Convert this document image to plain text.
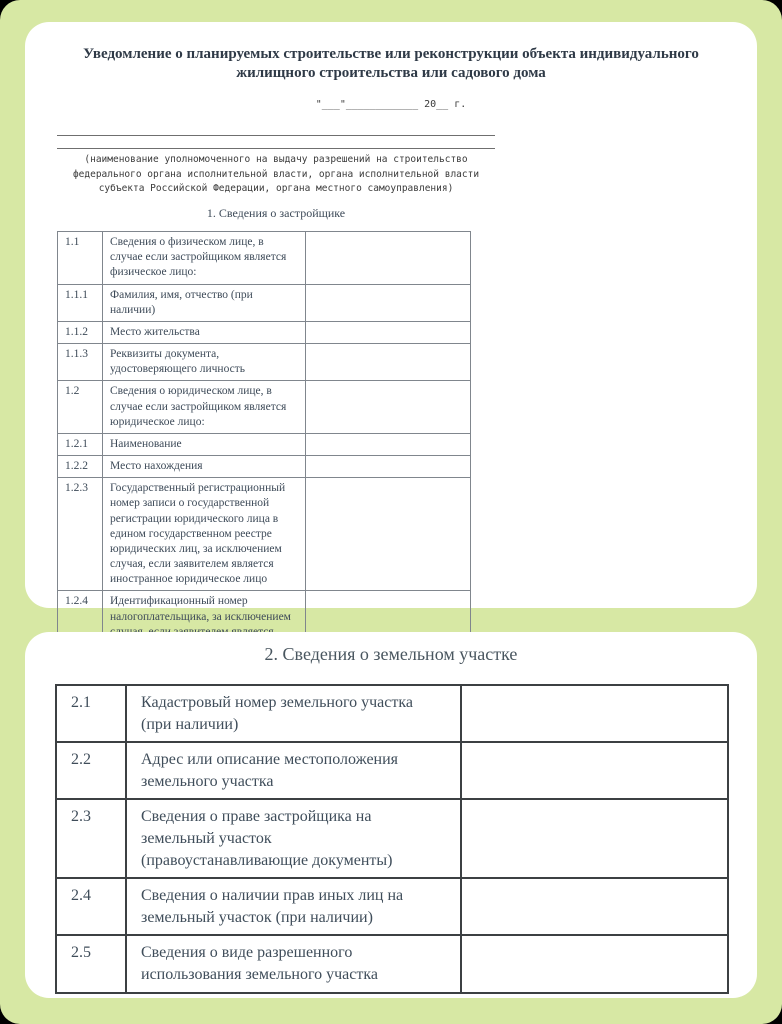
Уведомление о планируемых строительстве или реконструкции объекта индивидуального жилищного строительства или садового дома
"___"____________ 20__ г.
(наименование уполномоченного на выдачу разрешений на строительство
федерального органа исполнительной власти, органа исполнительной власти
субъекта Российской Федерации, органа местного самоуправления)
1. Сведения о застройщике
1.1	Сведения о физическом лице, в случае если застройщиком является физическое лицо:	
1.1.1	Фамилия, имя, отчество (при наличии)	
1.1.2	Место жительства	
1.1.3	Реквизиты документа, удостоверяющего личность	
1.2	Сведения о юридическом лице, в случае если застройщиком является юридическое лицо:	
1.2.1	Наименование	
1.2.2	Место нахождения	
1.2.3	Государственный регистрационный номер записи о государственной регистрации юридического лица в едином государственном реестре юридических лиц, за исключением случая, если заявителем является иностранное юридическое лицо	
1.2.4	Идентификационный номер налогоплательщика, за исключением	
2. Сведения о земельном участке
2.1	Кадастровый номер земельного участка (при наличии)	
2.2	Адрес или описание местоположения земельного участка	
2.3	Сведения о праве застройщика на земельный участок (правоустанавливающие документы)	
2.4	Сведения о наличии прав иных лиц на земельный участок (при наличии)	
2.5	Сведения о виде разрешенного использования земельного участка	
